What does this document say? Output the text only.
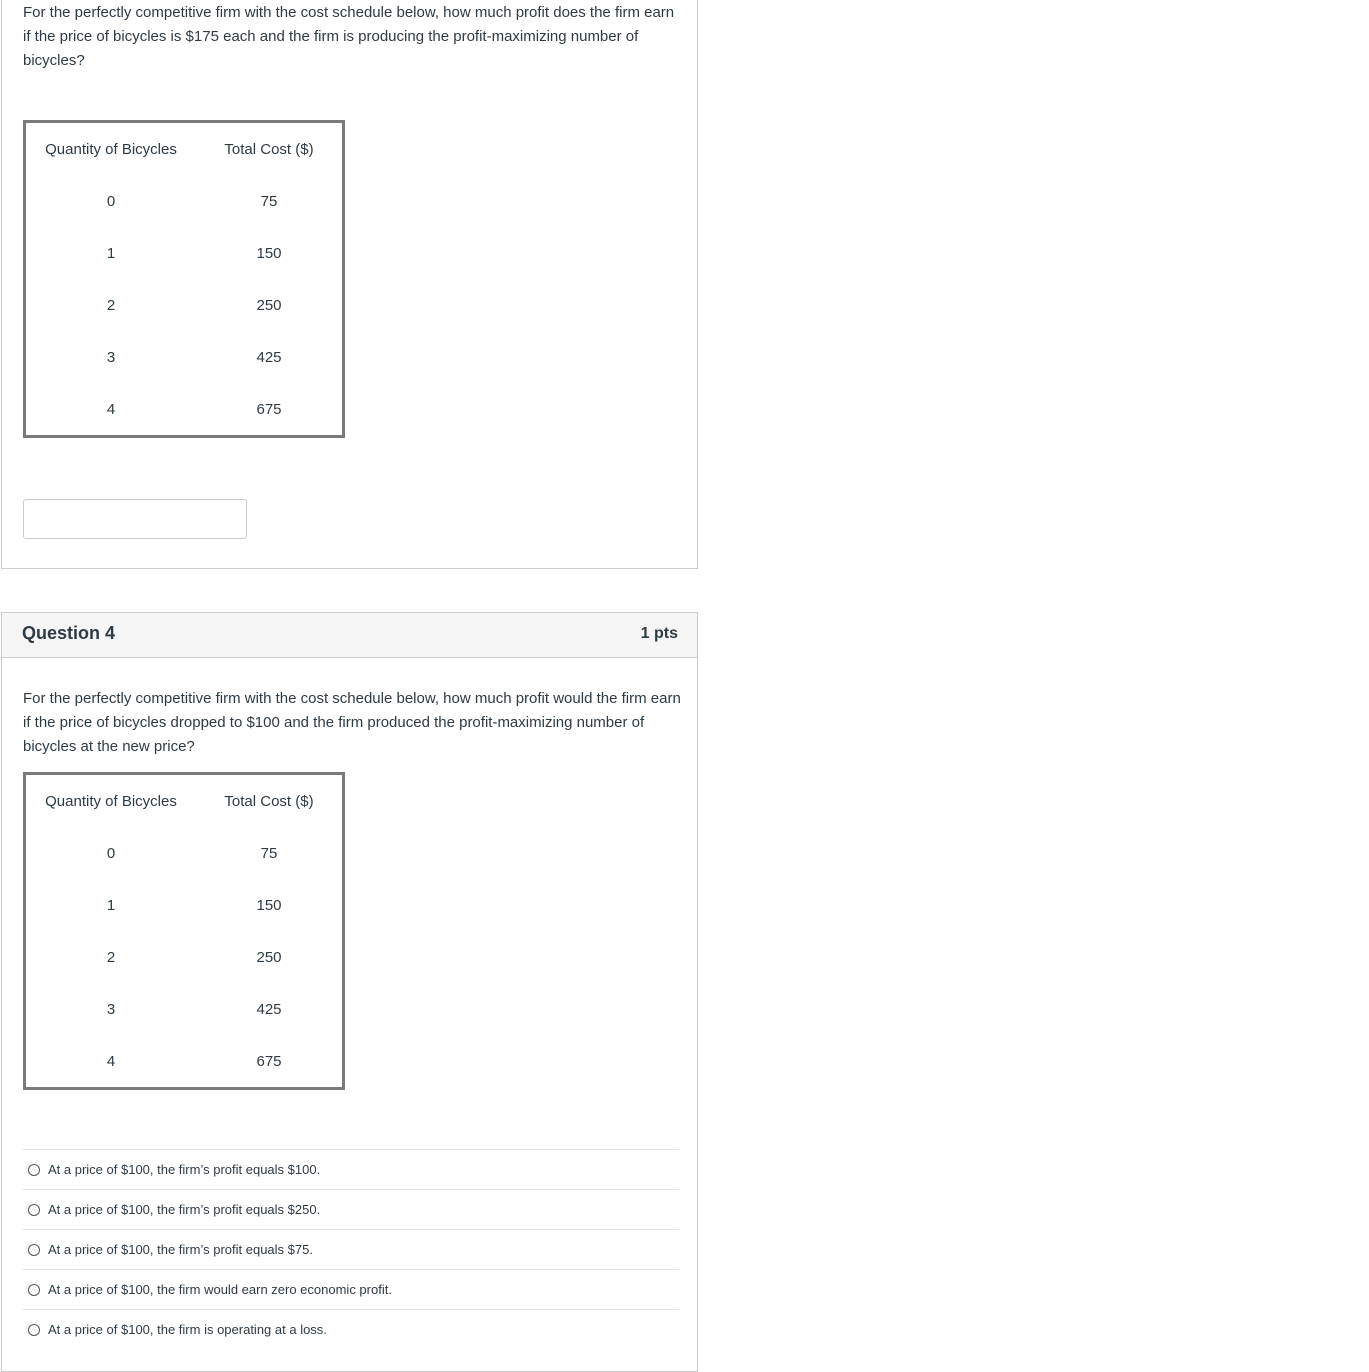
For the perfectly competitive firm with the cost schedule below, how much profit does the firm earn if the price of bicycles is $175 each and the firm is producing the profit-maximizing number of bicycles?
Quantity of Bicycles	Total Cost ($)
0	75
1	150
2	250
3	425
4	675
Question 4	1 pts
For the perfectly competitive firm with the cost schedule below, how much profit would the firm earn if the price of bicycles dropped to $100 and the firm produced the profit-maximizing number of bicycles at the new price?
Quantity of Bicycles	Total Cost ($)
0	75
1	150
2	250
3	425
4	675
At a price of $100, the firm’s profit equals $100.
At a price of $100, the firm’s profit equals $250.
At a price of $100, the firm’s profit equals $75.
At a price of $100, the firm would earn zero economic profit.
At a price of $100, the firm is operating at a loss.
